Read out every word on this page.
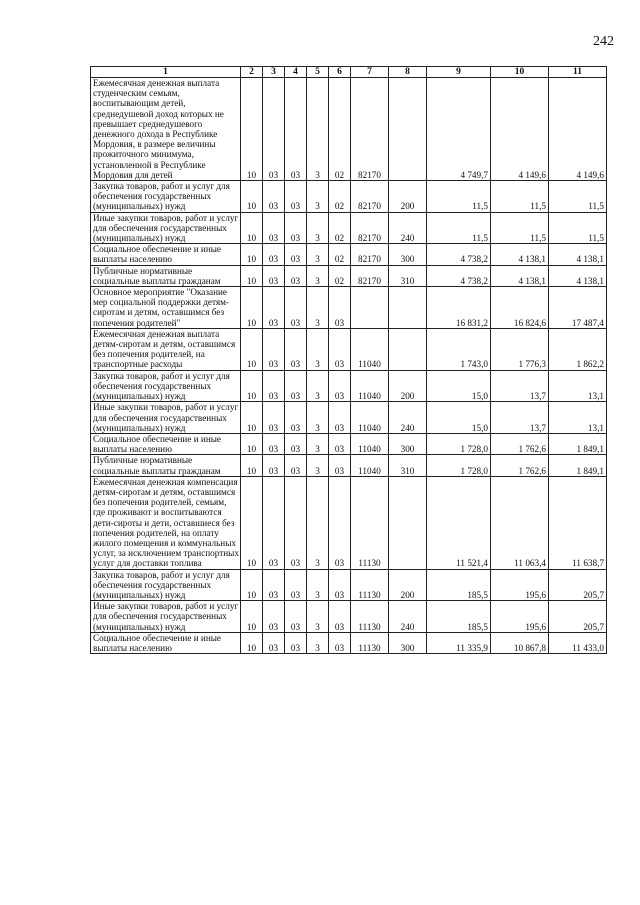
242
1	2	3	4	5	6	7	8	9	10	11
Ежемесячная денежная выплата студенческим семьям, воспитывающим детей, среднедушевой доход которых не превышает среднедушевого денежного дохода в Республике Мордовия, в размере величины прожиточного минимума, установленной в Республике Мордовия для детей	10	03	03	3	02	82170		4 749,7	4 149,6	4 149,6
Закупка товаров, работ и услуг для обеспечения государственных (муниципальных) нужд	10	03	03	3	02	82170	200	11,5	11,5	11,5
Иные закупки товаров, работ и услуг для обеспечения государственных (муниципальных) нужд	10	03	03	3	02	82170	240	11,5	11,5	11,5
Социальное обеспечение и иные выплаты населению	10	03	03	3	02	82170	300	4 738,2	4 138,1	4 138,1
Публичные нормативные социальные выплаты гражданам	10	03	03	3	02	82170	310	4 738,2	4 138,1	4 138,1
Основное мероприятие "Оказание мер социальной поддержки детям-сиротам и детям, оставшимся без попечения родителей"	10	03	03	3	03			16 831,2	16 824,6	17 487,4
Ежемесячная денежная выплата детям-сиротам и детям, оставшимся без попечения родителей, на транспортные расходы	10	03	03	3	03	11040		1 743,0	1 776,3	1 862,2
Закупка товаров, работ и услуг для обеспечения государственных (муниципальных) нужд	10	03	03	3	03	11040	200	15,0	13,7	13,1
Иные закупки товаров, работ и услуг для обеспечения государственных (муниципальных) нужд	10	03	03	3	03	11040	240	15,0	13,7	13,1
Социальное обеспечение и иные выплаты населению	10	03	03	3	03	11040	300	1 728,0	1 762,6	1 849,1
Публичные нормативные социальные выплаты гражданам	10	03	03	3	03	11040	310	1 728,0	1 762,6	1 849,1
Ежемесячная денежная компенсация детям-сиротам и детям, оставшимся без попечения родителей, семьям, где проживают и воспитываются дети-сироты и дети, оставшиеся без попечения родителей, на оплату жилого помещения и коммунальных услуг, за исключением транспортных услуг для доставки топлива	10	03	03	3	03	11130		11 521,4	11 063,4	11 638,7
Закупка товаров, работ и услуг для обеспечения государственных (муниципальных) нужд	10	03	03	3	03	11130	200	185,5	195,6	205,7
Иные закупки товаров, работ и услуг для обеспечения государственных (муниципальных) нужд	10	03	03	3	03	11130	240	185,5	195,6	205,7
Социальное обеспечение и иные выплаты населению	10	03	03	3	03	11130	300	11 335,9	10 867,8	11 433,0
